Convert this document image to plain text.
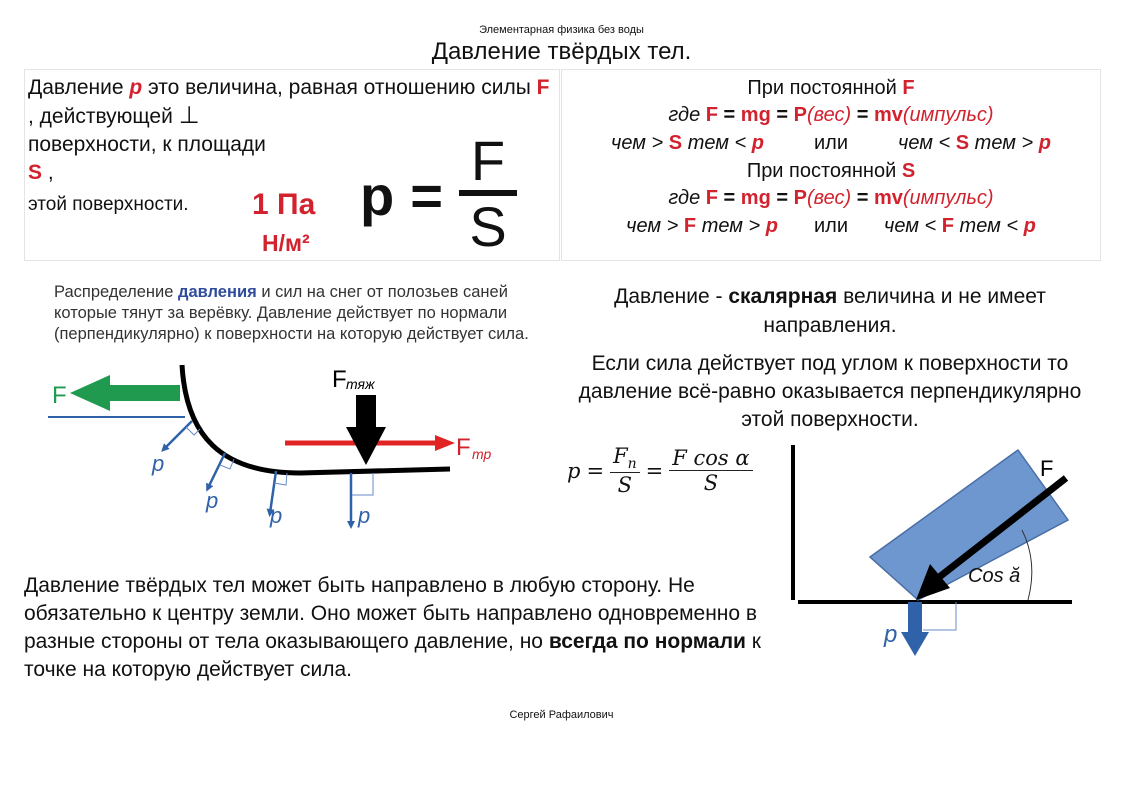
Элементарная физика без воды
Давление твёрдых тел.
Давление р это величина, равная отношению силы F , действующей ⊥
поверхности, к площади S ,
этой поверхности.	1 Па
Н/м²
$p = \frac{F}{S}$
При постоянной F
где F = mg = P(вес) = mv(импульс)
чем > S тем < р	или	чем < S тем > р
При постоянной S
где F = mg = P(вес) = mv(импульс)
чем > F тем > р или чем < F тем < р
Распределение давления и сил на снег от полозьев саней которые тянут за верёвку. Давление действует по нормали (перпендикулярно) к поверхности на которую действует сила.
F
F тр
F тяж
р
р
р	р
Давление - скалярная величина и не имеет направления.
Если сила действует под углом к поверхности то давление всё-равно оказывается перпендикулярно этой поверхности.
$p = \frac{F_n}{S} = \frac{\text{F cos α}}{S}$
Cos ă
F
р
Давление твёрдых тел может быть направлено в любую сторону. Не обязательно к центру земли. Оно может быть направлено одновременно в разные стороны от тела оказывающего давление, но всегда по нормали к точке на которую действует сила.
Сергей Рафаилович
